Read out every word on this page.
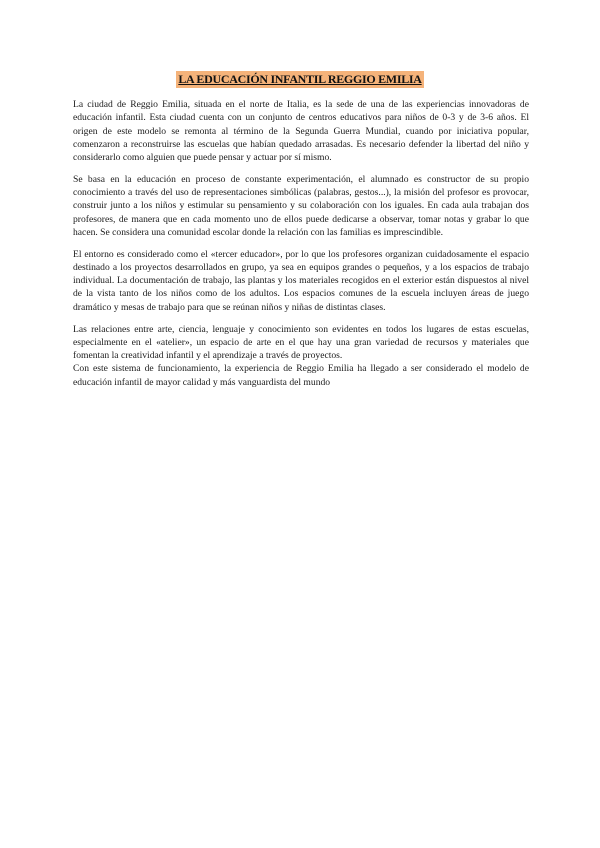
LA EDUCACIÓN INFANTIL REGGIO EMILIA

La ciudad de Reggio Emilia, situada en el norte de Italia, es la sede de una de las experiencias innovadoras de educación infantil. Esta ciudad cuenta con un conjunto de centros educativos para niños de 0-3 y de 3-6 años. El origen de este modelo se remonta al término de la Segunda Guerra Mundial, cuando por iniciativa popular, comenzaron a reconstruirse las escuelas que habían quedado arrasadas. Es necesario defender la libertad del niño y considerarlo como alguien que puede pensar y actuar por sí mismo.

Se basa en la educación en proceso de constante experimentación, el alumnado es constructor de su propio conocimiento a través del uso de representaciones simbólicas (palabras, gestos...), la misión del profesor es provocar, construir junto a los niños y estimular su pensamiento y su colaboración con los iguales. En cada aula trabajan dos profesores, de manera que en cada momento uno de ellos puede dedicarse a observar, tomar notas y grabar lo que hacen. Se considera una comunidad escolar donde la relación con las familias es imprescindible.

El entorno es considerado como el «tercer educador», por lo que los profesores organizan cuidadosamente el espacio destinado a los proyectos desarrollados en grupo, ya sea en equipos grandes o pequeños, y a los espacios de trabajo individual. La documentación de trabajo, las plantas y los materiales recogidos en el exterior están dispuestos al nivel de la vista tanto de los niños como de los adultos. Los espacios comunes de la escuela incluyen áreas de juego dramático y mesas de trabajo para que se reúnan niños y niñas de distintas clases.

Las relaciones entre arte, ciencia, lenguaje y conocimiento son evidentes en todos los lugares de estas escuelas, especialmente en el «atelier», un espacio de arte en el que hay una gran variedad de recursos y materiales que fomentan la creatividad infantil y el aprendizaje a través de proyectos.

Con este sistema de funcionamiento, la experiencia de Reggio Emilia ha llegado a ser considerado el modelo de educación infantil de mayor calidad y más vanguardista del mundo
